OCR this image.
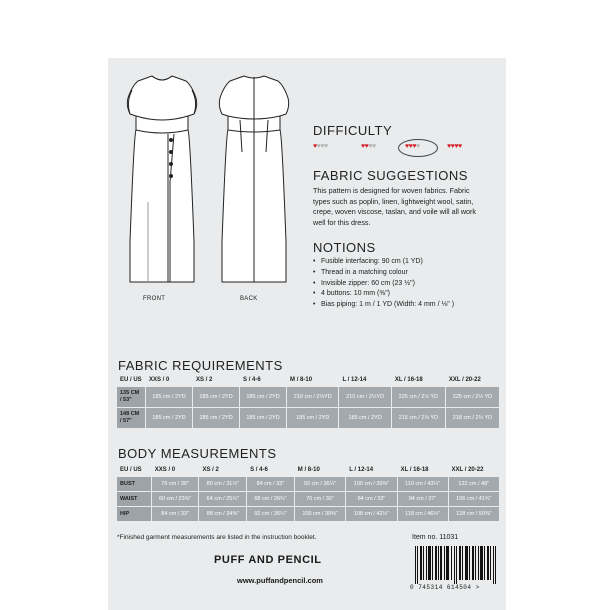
FRONT	BACK
DIFFICULTY
♥♥♥♥	♥♥♥♥	♥♥♥♥	♥♥♥♥
FABRIC SUGGESTIONS
This pattern is designed for woven fabrics. Fabric types such as poplin, linen, lightweight wool, satin, crepe, woven viscose, taslan, and voile will all work well for this dress.
NOTIONS
• Fusible interfacing: 90 cm (1 YD)
• Thread in a matching colour
• Invisible zipper: 60 cm (23 ½")
• 4 buttons: 10 mm (⅜")
• Bias piping: 1 m / 1 YD (Width: 4 mm / ⅛" )
FABRIC REQUIREMENTS
EU / US	XXS / 0	XS / 2	S / 4-6	M / 8-10	L / 12-14	XL / 16-18	XXL / 20-22
135 CM / 53"	185 cm / 2YD	185 cm / 2YD	185 cm / 2YD	210 cm / 2⅓YD	210 cm / 2⅓YD	225 cm / 2½ YD	225 cm / 2½ YD
148 CM / 57"	185 cm / 2YD	185 cm / 2YD	185 cm / 2YD	185 cm / 2YD	185 cm / 2YD	215 cm / 2⅓ YD	218 cm / 2⅓ YD
BODY MEASUREMENTS
EU / US	XXS / 0	XS / 2	S / 4-6	M / 8-10	L / 12-14	XL / 16-18	XXL / 20-22
BUST	76 cm / 30"	80 cm / 31½"	84 cm / 33"	92 cm / 36¼"	100 cm / 39⅜"	110 cm / 43¼"	122 cm / 48"
WAIST	60 cm / 23⅝"	64 cm / 25¼"	68 cm / 26¾"	76 cm / 30"	84 cm / 33"	94 cm / 37"	106 cm / 41¾"
HIP	84 cm / 33"	88 cm / 34⅝"	92 cm / 36¼"	100 cm / 39⅜"	108 cm / 42½"	118 cm / 46½"	128 cm / 50⅜"
*Finished garment measurements are listed in the instruction booklet.	Item no. 11031
PUFF AND PENCIL
www.puffandpencil.com
0 745314 614504 >
